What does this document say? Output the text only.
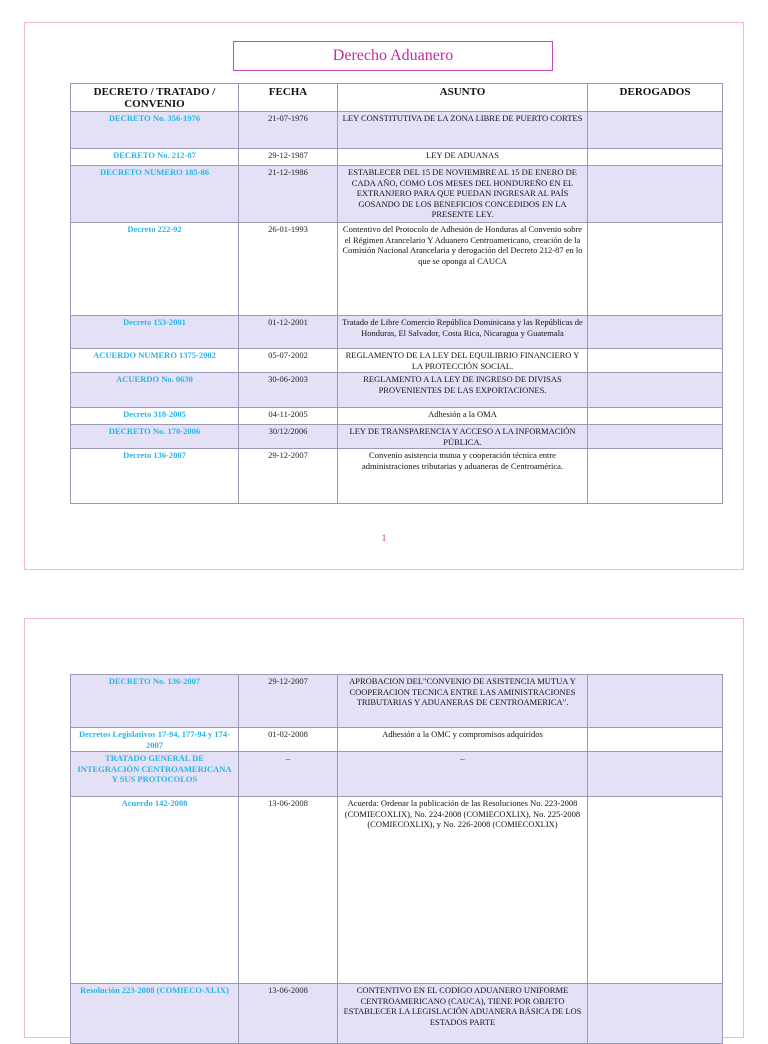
Derecho Aduanero
DECRETO / TRATADO / CONVENIO	FECHA	ASUNTO	DEROGADOS
DECRETO No. 356-1976	21-07-1976	LEY CONSTITUTIVA DE LA ZONA LIBRE DE PUERTO CORTES	
DECRETO No. 212-87	29-12-1987	LEY DE ADUANAS	
DECRETO NUMERO 185-86	21-12-1986	ESTABLECER DEL 15 DE NOVIEMBRE AL 15 DE ENERO DE CADA AÑO, COMO LOS MESES DEL HONDUREÑO EN EL EXTRANJERO PARA QUE PUEDAN INGRESAR AL PAÍS GOSANDO DE LOS BENEFICIOS CONCEDIDOS EN LA PRESENTE LEY.	
Decreto 222-92	26-01-1993	Contentivo del Protocolo de Adhesión de Honduras al Convenio sobre el Régimen Arancelario Y Aduanero Centroamericano, creación de la Comisión Nacional Arancelaria y derogación del Decreto 212-87 en lo que se oponga al CAUCA	
Decreto 153-2001	01-12-2001	Tratado de Libre Comercio República Dominicana y las Repúblicas de Honduras, El Salvador, Costa Rica, Nicaragua y Guatemala	
ACUERDO NUMERO 1375-2002	05-07-2002	REGLAMENTO DE LA LEY DEL EQUILIBRIO FINANCIERO Y LA PROTECCIÓN SOCIAL.	
ACUERDO No. 0630	30-06-2003	REGLAMENTO A LA LEY DE INGRESO DE DIVISAS PROVENIENTES DE LAS EXPORTACIONES.	
Decreto 318-2005	04-11-2005	Adhesión a la OMA	
DECRETO No. 170-2006	30/12/2006	LEY DE TRANSPARENCIA Y ACCESO A LA INFORMACIÓN PÚBLICA.	
Decreto 136-2007	29-12-2007	Convenio asistencia mutua y cooperación técnica entre administraciones tributarias y aduaneras de Centroamérica.	
1
DECRETO No. 136-2007	29-12-2007	APROBACION DEL"CONVENIO DE ASISTENCIA MUTUA Y COOPERACION TECNICA ENTRE LAS AMINISTRACIONES TRIBUTARIAS Y ADUANERAS DE CENTROAMERICA".	
Decretos Legislativos 17-94, 177-94 y 174-2007	01-02-2008	Adhesión a la OMC y compromisos adquiridos	
TRATADO GENERAL DE INTEGRACIÓN CENTROAMERICANA Y SUS PROTOCOLOS	–	–	
Acuerdo 142-2008	13-06-2008	Acuerda: Ordenar la publicación de las Resoluciones No. 223-2008 (COMIECOXLIX), No. 224-2008 (COMIECOXLIX), No. 225-2008 (COMIECOXLIX), y No. 226-2008 (COMIECOXLIX)	
Resolución 223-2008 (COMIECO-XLIX)	13-06-2008	CONTENTIVO EN EL CODIGO ADUANERO UNIFORME CENTROAMERICANO (CAUCA), TIENE POR OBJETO ESTABLECER LA LEGISLACIÓN ADUANERA BÁSICA DE LOS ESTADOS PARTE	
